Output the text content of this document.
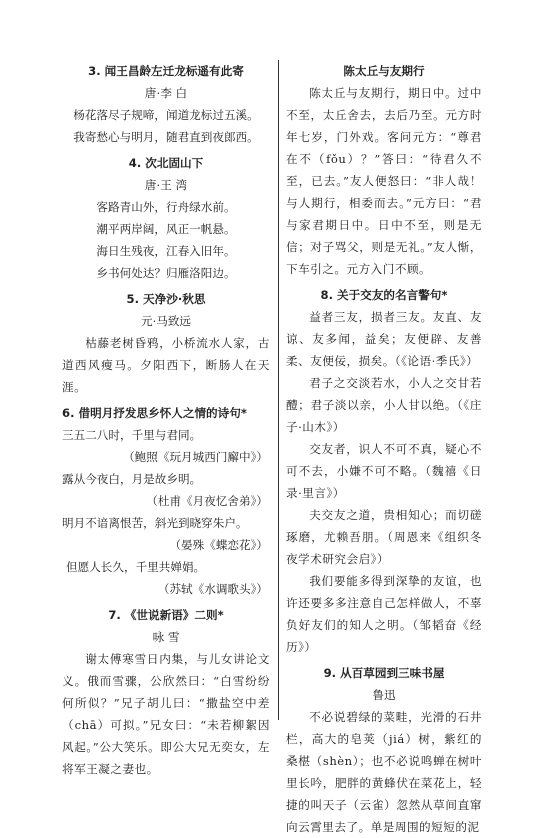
3. 闻王昌龄左迁龙标遥有此寄
唐·李 白
杨花落尽子规啼，闻道龙标过五溪。
我寄愁心与明月，随君直到夜郎西。
4. 次北固山下
唐·王 湾
客路青山外，行舟绿水前。
潮平两岸阔，风正一帆悬。
海日生残夜，江春入旧年。
乡书何处达？归雁洛阳边。
5. 天净沙·秋思
元·马致远

枯藤老树昏鸦，小桥流水人家，古道西风瘦马。夕阳西下，断肠人在天涯。

6. 借明月抒发思乡怀人之情的诗句*
三五二八时，千里与君同。
（鲍照《玩月城西门廨中》）
露从今夜白，月是故乡明。
（杜甫《月夜忆舍弟》）
明月不谙离恨苦，斜光到晓穿朱户。
（晏殊《蝶恋花》）
但愿人长久，千里共婵娟。
（苏轼《水调歌头》）
7. 《世说新语》二则*
咏 雪

谢太傅寒雪日内集，与儿女讲论文义。俄而雪骤，公欣然曰：“白雪纷纷何所似？”兄子胡儿曰：“撒盐空中差（chā）可拟。”兄女曰：“未若柳絮因风起。”公大笑乐。即公大兄无奕女，左将军王凝之妻也。

陈太丘与友期行

陈太丘与友期行，期日中。过中不至，太丘舍去，去后乃至。元方时年七岁，门外戏。客问元方：“尊君在不（fǒu）？”答曰：“待君久不至，已去。”友人便怒曰：“非人哉！与人期行，相委而去。”元方曰：“君与家君期日中。日中不至，则是无信；对子骂父，则是无礼。”友人惭，下车引之。元方入门不顾。

8. 关于交友的名言警句*

益者三友，损者三友。友直、友谅、友多闻，益矣；友便辟、友善柔、友便佞，损矣。（《论语·季氏》）

君子之交淡若水，小人之交甘若醴；君子淡以亲，小人甘以绝。（《庄子·山木》）

交友者，识人不可不真，疑心不可不去，小嫌不可不略。（魏禧《日录·里言》）

夫交友之道，贵相知心；而切磋琢磨，尤赖吾朋。（周恩来《组织冬夜学术研究会启》）

我们要能多得到深挚的友谊，也许还要多多注意自己怎样做人，不辜负好友们的知人之明。（邹韬奋《经历》）

9. 从百草园到三味书屋
鲁迅

不必说碧绿的菜畦，光滑的石井栏，高大的皂荚（jiá）树，紫红的桑椹（shèn）；也不必说鸣蝉在树叶里长吟，肥胖的黄蜂伏在菜花上，轻捷的叫天子（云雀）忽然从草间直窜向云霄里去了。单是周围的短短的泥
